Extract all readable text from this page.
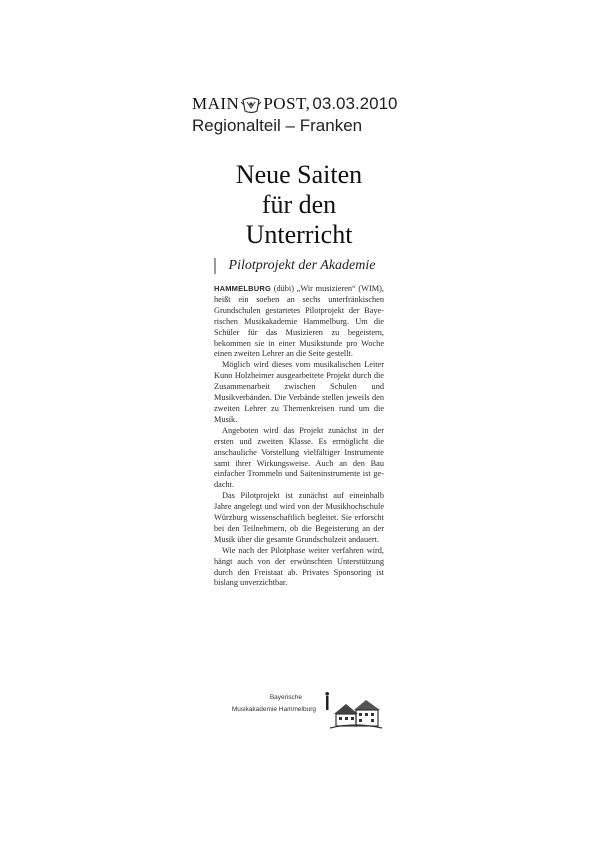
MAIN POST, 03.03.2010
Regionalteil – Franken
Neue Saiten
für den
Unterricht
Pilotprojekt der Akademie

HAMMELBURG (dübi) „Wir musizieren“ (WIM), heißt ein soeben an sechs unterfränkischen Grundschulen gestartetes Pilotprojekt der Bayerischen Musikakademie Hammelburg. Um die Schüler für das Musizieren zu begeistern, bekommen sie in einer Musikstunde pro Woche einen zweiten Lehrer an die Seite gestellt.

Möglich wird dieses vom musikalischen Leiter Kuno Holzheimer ausgearbeitete Projekt durch die Zusammenarbeit zwischen Schulen und Musikverbänden. Die Verbände stellen jeweils den zweiten Lehrer zu Themenkreisen rund um die Musik.

Angeboten wird das Projekt zunächst in der ersten und zweiten Klasse. Es ermöglicht die anschauliche Vorstellung vielfältiger Instrumente samt ihrer Wirkungsweise. Auch an den Bau einfacher Trommeln und Saiteninstrumente ist gedacht.

Das Pilotprojekt ist zunächst auf eineinhalb Jahre angelegt und wird von der Musikhochschule Würzburg wissenschaftlich begleitet. Sie erforscht bei den Teilnehmern, ob die Begeisterung an der Musik über die gesamte Grundschulzeit andauert.

Wie nach der Pilotphase weiter verfahren wird, hängt auch von der erwünschten Unterstützung durch den Freistaat ab. Privates Sponsoring ist bislang unverzichtbar.

Bayerische
Musikakademie Hammelburg
